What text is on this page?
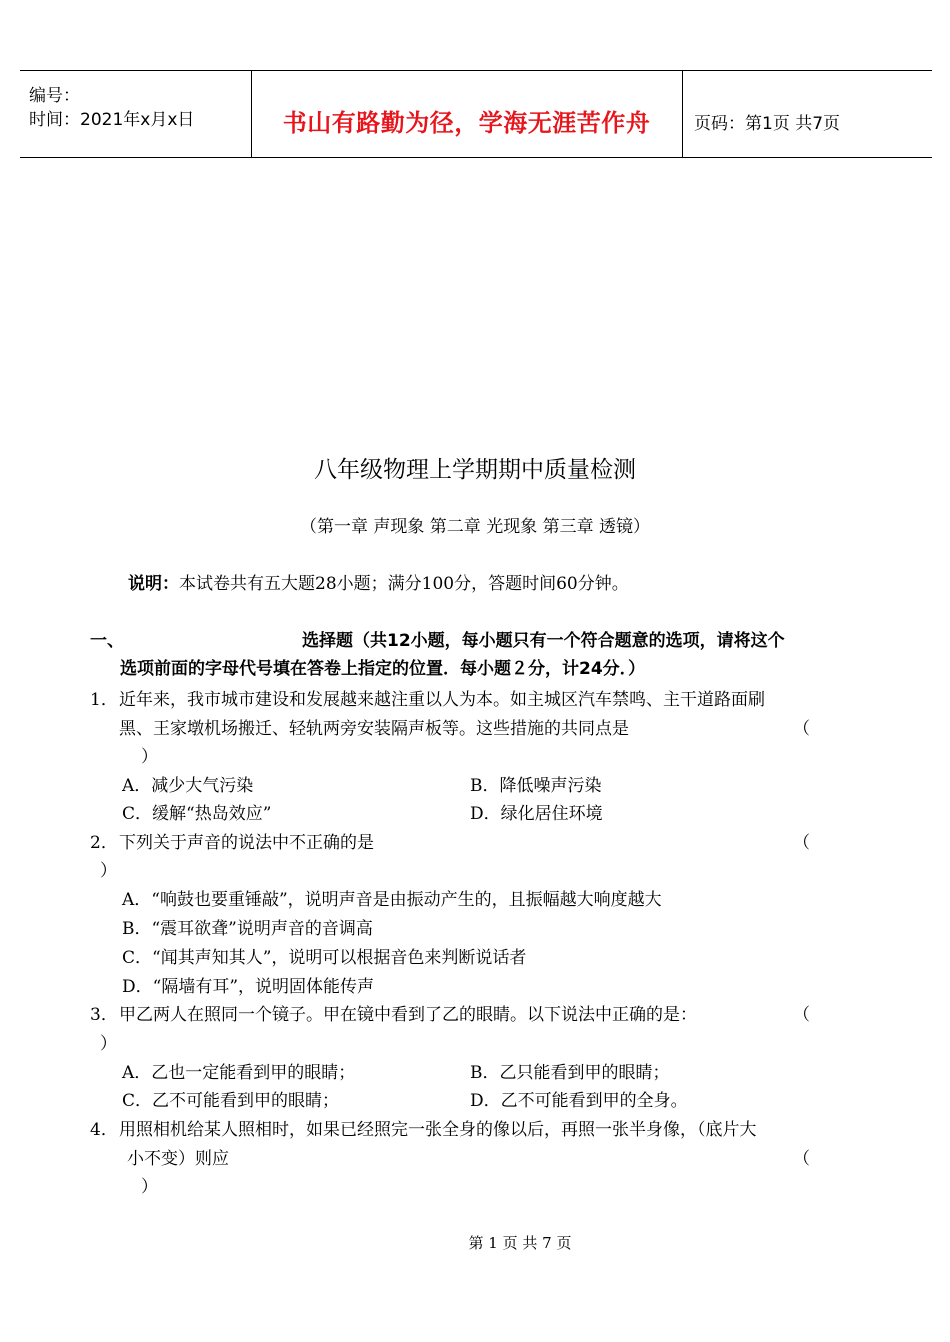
编号：
时间：2021年x月x日	书山有路勤为径，学海无涯苦作舟	页码：第1页 共7页
八年级物理上学期期中质量检测
（第一章 声现象 第二章 光现象 第三章 透镜）
说明：本试卷共有五大题28小题；满分100分，答题时间60分钟。
一、	选择题（共12小题，每小题只有一个符合题意的选项，请将这个
选项前面的字母代号填在答卷上指定的位置．每小题２分，计24分．）
1． 近年来，我市城市建设和发展越来越注重以人为本。如主城区汽车禁鸣、主干道路面刷
黑、王家墩机场搬迁、轻轨两旁安装隔声板等。这些措施的共同点是	（
）
A．减少大气污染	B．降低噪声污染
C．缓解“热岛效应”	D．绿化居住环境
2． 下列关于声音的说法中不正确的是	（
）
A．“响鼓也要重锤敲”，说明声音是由振动产生的，且振幅越大响度越大
B．“震耳欲聋”说明声音的音调高
C．“闻其声知其人”，说明可以根据音色来判断说话者
D．“隔墙有耳”，说明固体能传声
3． 甲乙两人在照同一个镜子。甲在镜中看到了乙的眼睛。以下说法中正确的是：	（
）
A．乙也一定能看到甲的眼睛；	B．乙只能看到甲的眼睛；
C．乙不可能看到甲的眼睛；	D．乙不可能看到甲的全身。
4． 用照相机给某人照相时，如果已经照完一张全身的像以后，再照一张半身像，（底片大
小不变）则应	（
）
第 1 页 共 7 页
